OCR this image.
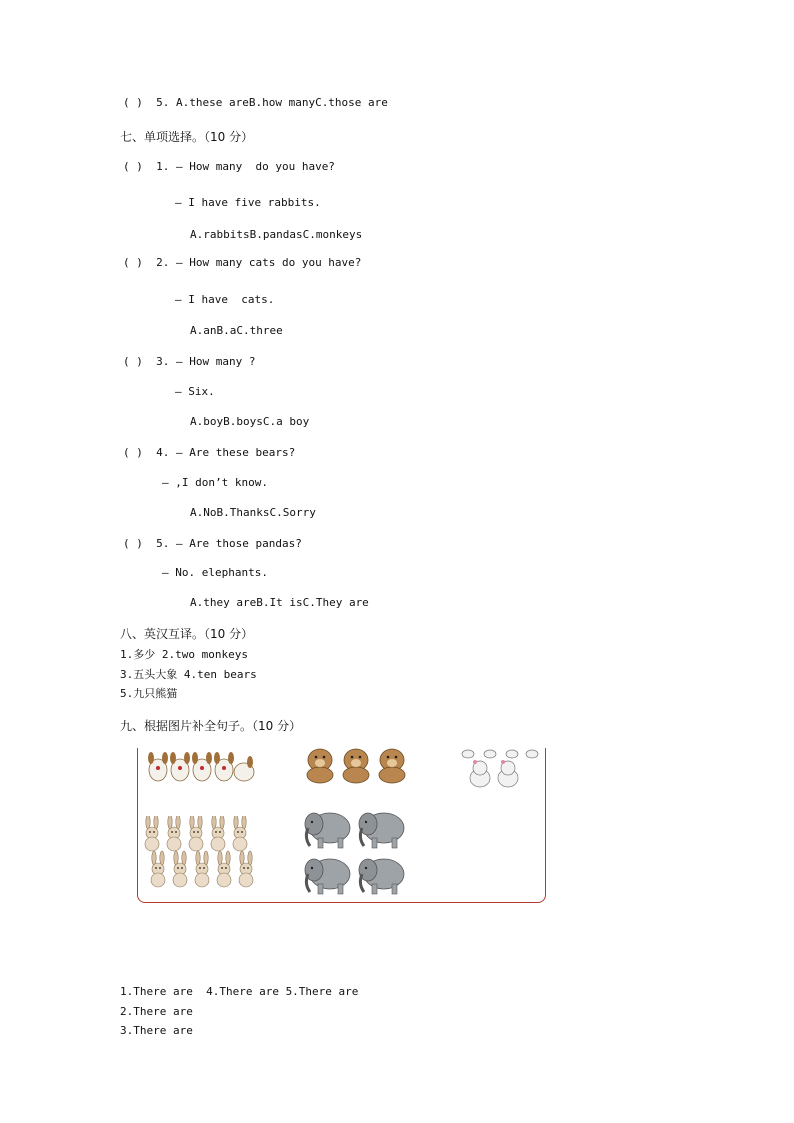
( ) 5. A.these areB.how manyC.those are
七、单项选择。（10 分）
( ) 1. — How many  do you have?
— I have five rabbits.
A.rabbitsB.pandasC.monkeys
( ) 2. — How many cats do you have?
— I have  cats.
A.anB.aC.three
( ) 3. — How many ?
— Six.
A.boyB.boysC.a boy
( ) 4. — Are these bears?
— ,I don’t know.
A.NoB.ThanksC.Sorry
( ) 5. — Are those pandas?
— No. elephants.
A.they areB.It isC.They are
八、英汉互译。（10 分）
1.多少 2.two monkeys
3.五头大象 4.ten bears
5.九只熊猫
九、根据图片补全句子。（10 分）
1.There are  4.There are 5.There are
2.There are
3.There are
